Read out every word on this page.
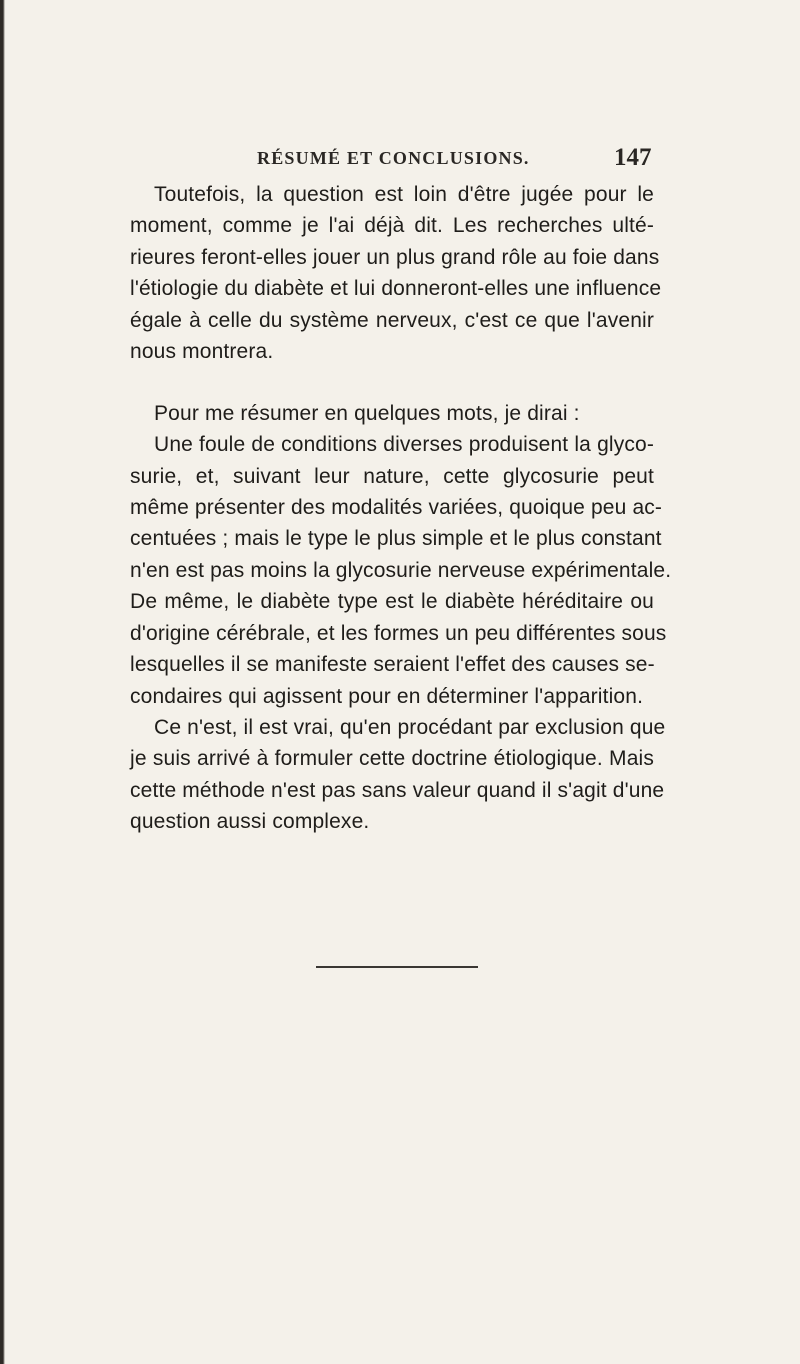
RÉSUMÉ ET CONCLUSIONS.	147
Toutefois, la question est loin d'être jugée pour le
moment, comme je l'ai déjà dit. Les recherches ulté-
rieures feront-elles jouer un plus grand rôle au foie dans
l'étiologie du diabète et lui donneront-elles une influence
égale à celle du système nerveux, c'est ce que l'avenir
nous montrera.
Pour me résumer en quelques mots, je dirai :
Une foule de conditions diverses produisent la glyco-
surie, et, suivant leur nature, cette glycosurie peut
même présenter des modalités variées, quoique peu ac-
centuées ; mais le type le plus simple et le plus constant
n'en est pas moins la glycosurie nerveuse expérimentale.
De même, le diabète type est le diabète héréditaire ou
d'origine cérébrale, et les formes un peu différentes sous
lesquelles il se manifeste seraient l'effet des causes se-
condaires qui agissent pour en déterminer l'apparition.
Ce n'est, il est vrai, qu'en procédant par exclusion que
je suis arrivé à formuler cette doctrine étiologique. Mais
cette méthode n'est pas sans valeur quand il s'agit d'une
question aussi complexe.
